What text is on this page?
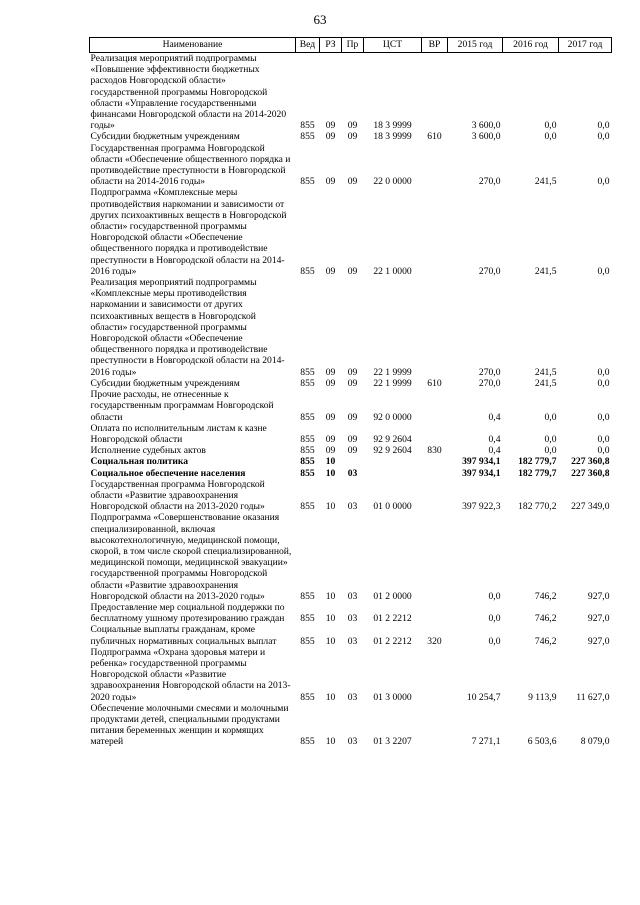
63
Наименование	Вед	РЗ	Пр	ЦСТ	ВР	2015 год	2016 год	2017 год
Реализация мероприятий подпрограммы «Повышение эффективности бюджетных расходов Новгородской области» государственной программы Новгородской области «Управление государственными финансами Новгородской области на 2014-2020 годы»	855	09	09	18 3 9999		3 600,0	0,0	0,0
Субсидии бюджетным учреждениям	855	09	09	18 3 9999	610	3 600,0	0,0	0,0
Государственная программа Новгородской области «Обеспечение общественного порядка и противодействие преступности в Новгородской области на 2014-2016 годы»	855	09	09	22 0 0000		270,0	241,5	0,0
Подпрограмма «Комплексные меры противодействия наркомании и зависимости от других психоактивных веществ в Новгородской области» государственной программы Новгородской области «Обеспечение общественного порядка и противодействие преступности в Новгородской области на 2014-2016 годы»	855	09	09	22 1 0000		270,0	241,5	0,0
Реализация мероприятий подпрограммы «Комплексные меры противодействия наркомании и зависимости от других психоактивных веществ в Новгородской области» государственной программы Новгородской области «Обеспечение общественного порядка и противодействие преступности в Новгородской области на 2014-2016 годы»	855	09	09	22 1 9999		270,0	241,5	0,0
Субсидии бюджетным учреждениям	855	09	09	22 1 9999	610	270,0	241,5	0,0
Прочие расходы, не отнесенные к государственным программам Новгородской области	855	09	09	92 0 0000		0,4	0,0	0,0
Оплата по исполнительным листам к казне Новгородской области	855	09	09	92 9 2604		0,4	0,0	0,0
Исполнение судебных актов	855	09	09	92 9 2604	830	0,4	0,0	0,0
Социальная политика	855	10				397 934,1	182 779,7	227 360,8
Социальное обеспечение населения	855	10	03			397 934,1	182 779,7	227 360,8
Государственная программа Новгородской области «Развитие здравоохранения Новгородской области на 2013-2020 годы»	855	10	03	01 0 0000		397 922,3	182 770,2	227 349,0
Подпрограмма «Совершенствование оказания специализированной, включая высокотехнологичную, медицинской помощи, скорой, в том числе скорой специализированной, медицинской помощи, медицинской эвакуации» государственной программы Новгородской области «Развитие здравоохранения Новгородской области на 2013-2020 годы»	855	10	03	01 2 0000		0,0	746,2	927,0
Предоставление мер социальной поддержки по бесплатному ушному протезированию граждан	855	10	03	01 2 2212		0,0	746,2	927,0
Социальные выплаты гражданам, кроме публичных нормативных социальных выплат	855	10	03	01 2 2212	320	0,0	746,2	927,0
Подпрограмма «Охрана здоровья матери и ребенка» государственной программы Новгородской области «Развитие здравоохранения Новгородской области на 2013-2020 годы»	855	10	03	01 3 0000		10 254,7	9 113,9	11 627,0
Обеспечение молочными смесями и молочными продуктами детей, специальными продуктами питания беременных женщин и кормящих матерей	855	10	03	01 3 2207		7 271,1	6 503,6	8 079,0
